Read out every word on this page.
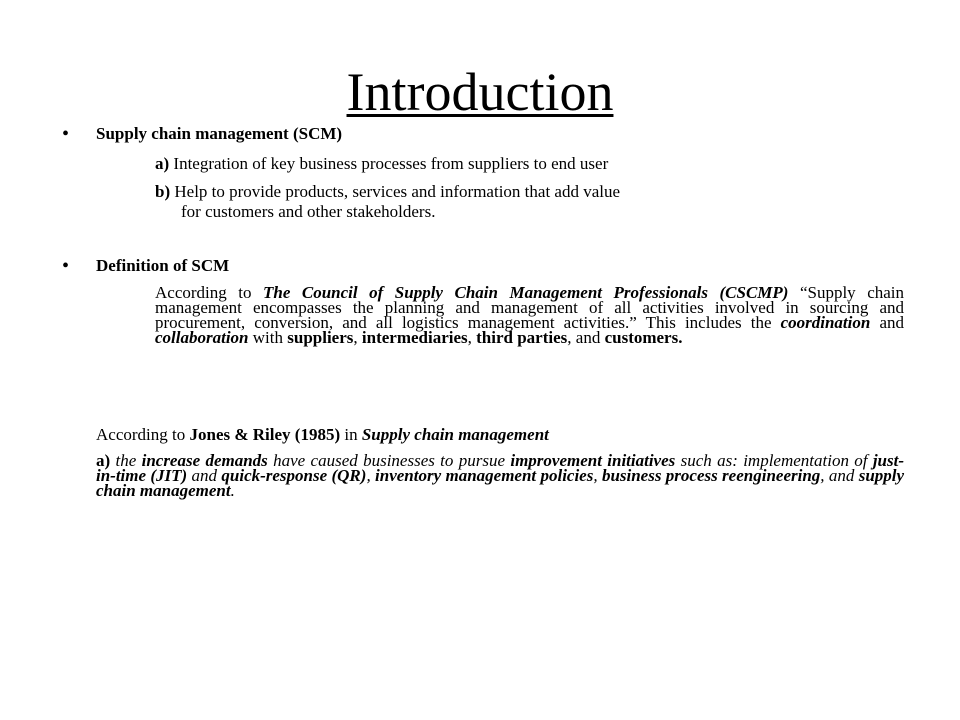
Introduction
• Supply chain management (SCM)
a) Integration of key business processes from suppliers to end user
b) Help to provide products, services and information that add value
for customers and other stakeholders.
• Definition of SCM

According to The Council of Supply Chain Management Professionals (CSCMP) “Supply chain management encompasses the planning and management of all activities involved in sourcing and procurement, conversion, and all logistics management activities.” This includes the coordination and collaboration with suppliers, intermediaries, third parties, and customers.

According to Jones & Riley (1985) in Supply chain management

a) the increase demands have caused businesses to pursue improvement initiatives such as: implementation of just-in-time (JIT) and quick-response (QR), inventory management policies, business process reengineering, and supply chain management.
